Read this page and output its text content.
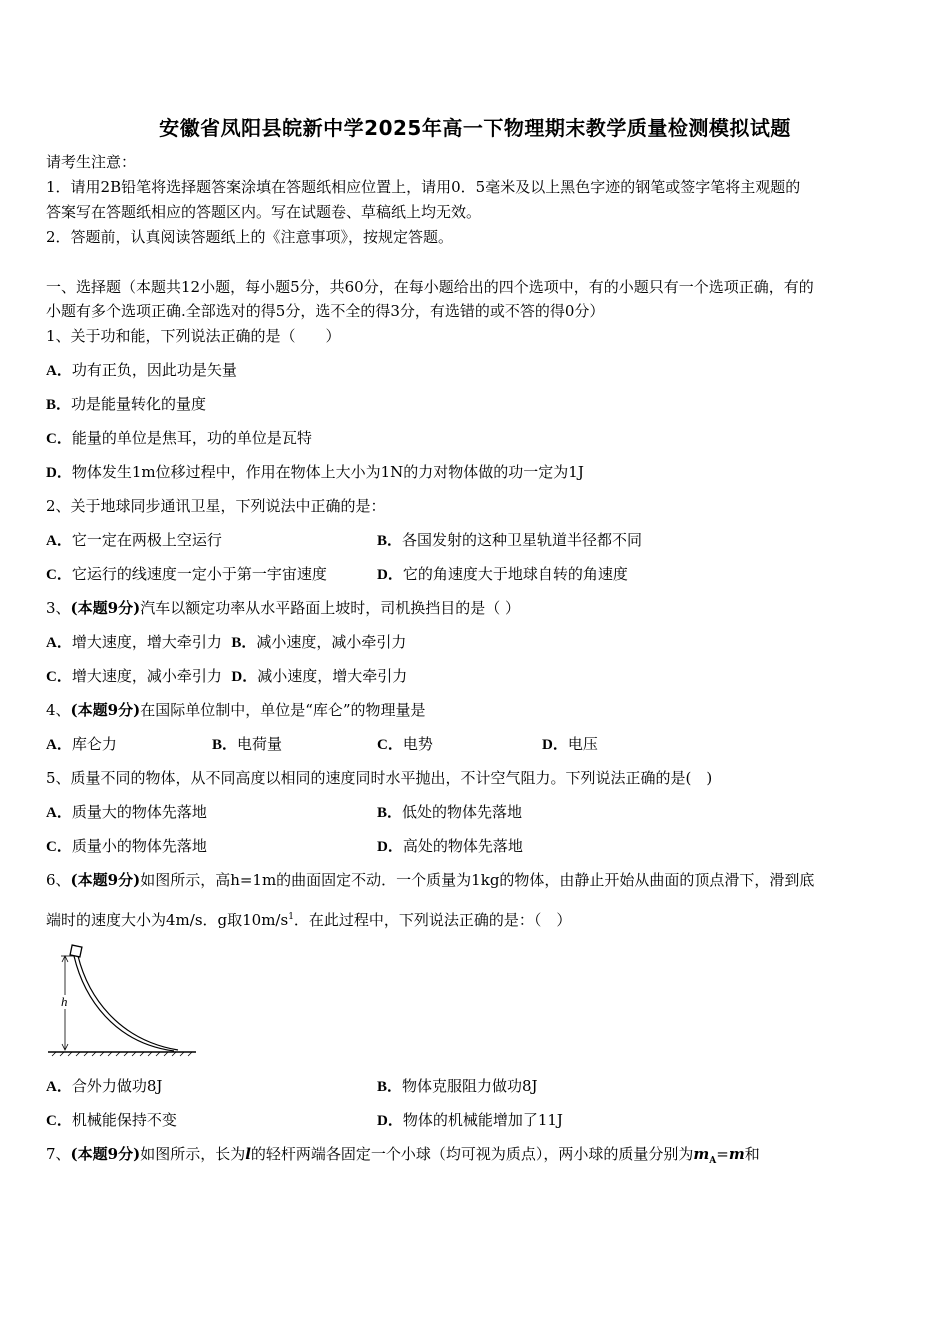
安徽省凤阳县皖新中学2025年高一下物理期末教学质量检测模拟试题
请考生注意：
1．请用2B铅笔将选择题答案涂填在答题纸相应位置上，请用0．5毫米及以上黑色字迹的钢笔或签字笔将主观题的
答案写在答题纸相应的答题区内。写在试题卷、草稿纸上均无效。
2．答题前，认真阅读答题纸上的《注意事项》，按规定答题。
一、选择题（本题共12小题，每小题5分，共60分，在每小题给出的四个选项中，有的小题只有一个选项正确，有的
小题有多个选项正确.全部选对的得5分，选不全的得3分，有选错的或不答的得0分）
1、关于功和能，下列说法正确的是（　　）
A．功有正负，因此功是矢量
B．功是能量转化的量度
C．能量的单位是焦耳，功的单位是瓦特
D．物体发生1m位移过程中，作用在物体上大小为1N的力对物体做的功一定为1J
2、关于地球同步通讯卫星，下列说法中正确的是：
A．它一定在两极上空运行	B．各国发射的这种卫星轨道半径都不同
C．它运行的线速度一定小于第一宇宙速度	D．它的角速度大于地球自转的角速度
3、(本题9分)汽车以额定功率从水平路面上坡时，司机换挡目的是（ ）
A．增大速度，增大牵引力 B．减小速度，减小牵引力
C．增大速度，减小牵引力 D．减小速度，增大牵引力
4、(本题9分)在国际单位制中，单位是“库仑”的物理量是
A．库仑力	B．电荷量	C．电势	D．电压
5、质量不同的物体，从不同高度以相同的速度同时水平抛出，不计空气阻力。下列说法正确的是(　)
A．质量大的物体先落地	B．低处的物体先落地
C．质量小的物体先落地	D．高处的物体先落地
6、(本题9分)如图所示，高h=1m的曲面固定不动．一个质量为1kg的物体，由静止开始从曲面的顶点滑下，滑到底
端时的速度大小为4m/s．g取$10m/s^1$．在此过程中，下列说法正确的是：（　）
h
A．合外力做功8J	B．物体克服阻力做功8J
C．机械能保持不变	D．物体的机械能增加了11J
7、(本题9分)如图所示，长为l的轻杆两端各固定一个小球（均可视为质点），两小球的质量分别为$m_A=m$和
